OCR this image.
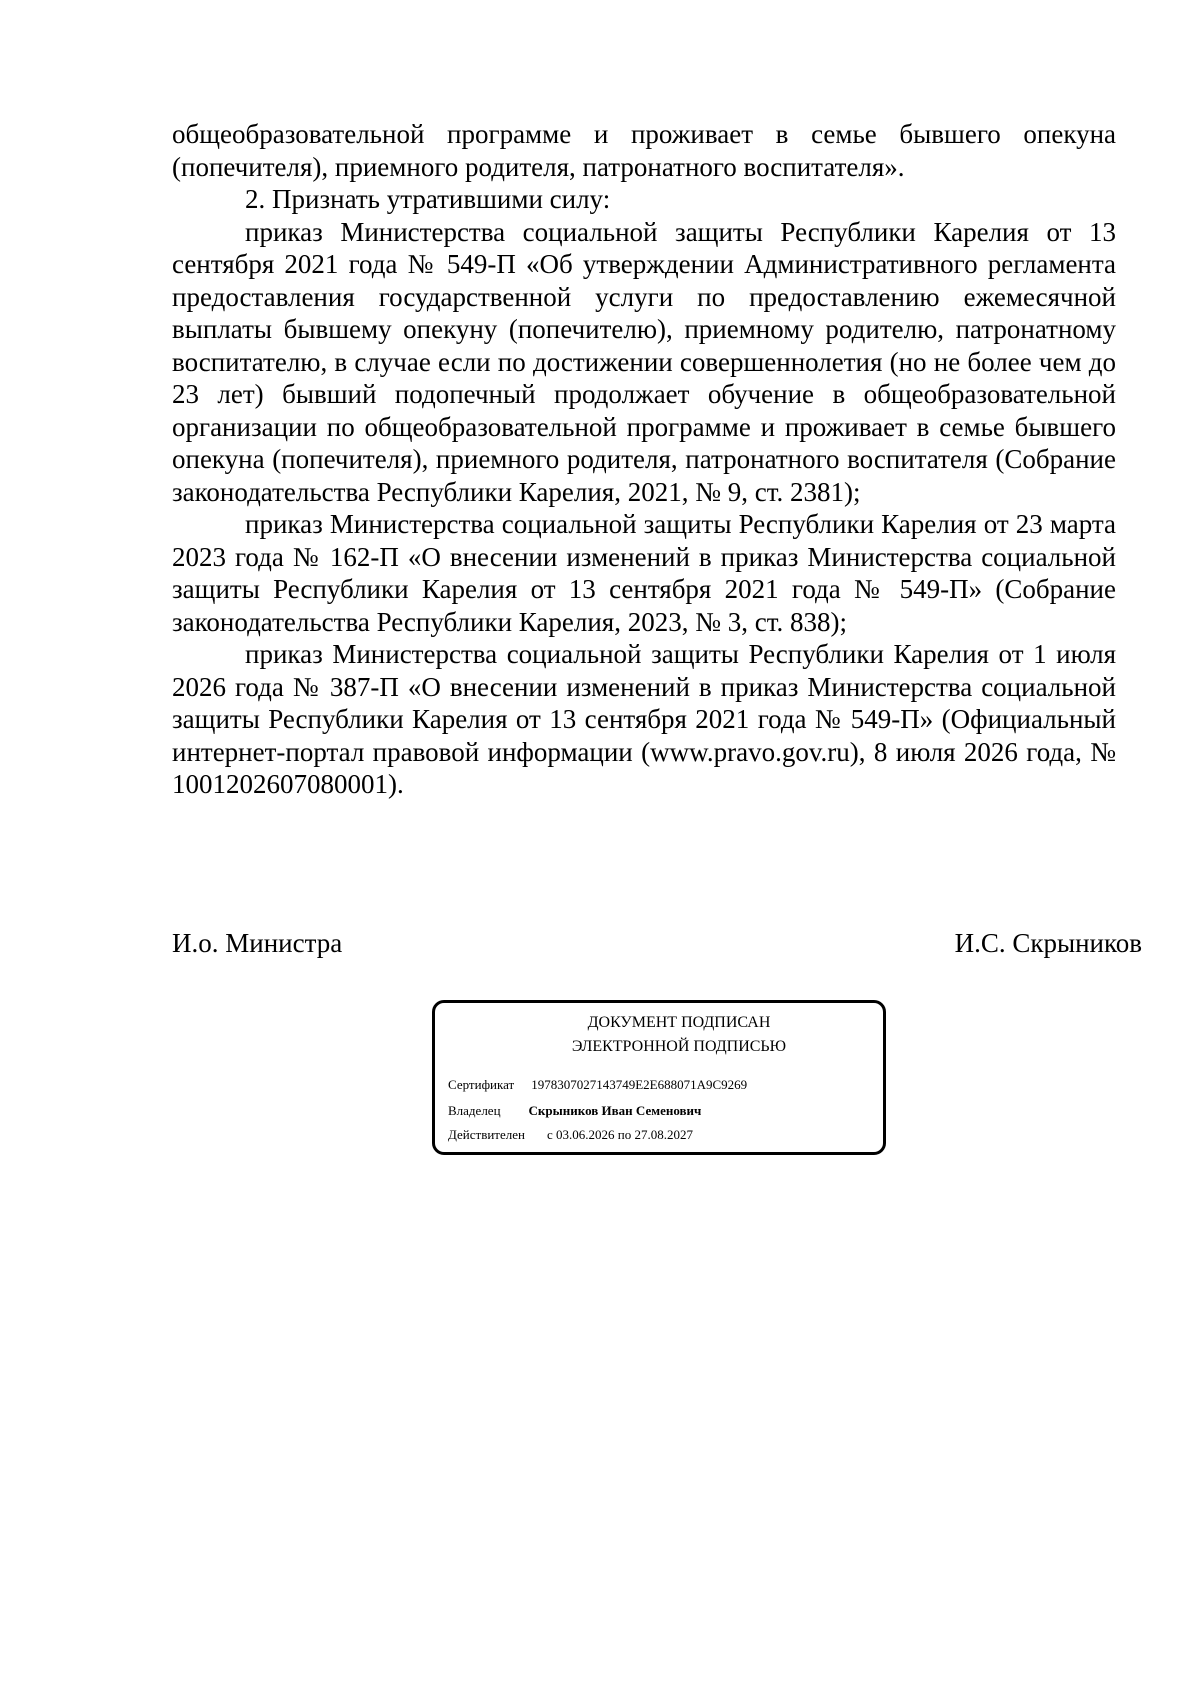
общеобразовательной программе и проживает в семье бывшего опекуна (попечителя), приемного родителя, патронатного воспитателя».

2. Признать утратившими силу:

приказ Министерства социальной защиты Республики Карелия от 13 сентября 2021 года № 549-П «Об утверждении Административного регламента предоставления государственной услуги по предоставлению ежемесячной выплаты бывшему опекуну (попечителю), приемному родителю, патронатному воспитателю, в случае если по достижении совершеннолетия (но не более чем до 23 лет) бывший подопечный продолжает обучение в общеобразовательной организации по общеобразовательной программе и проживает в семье бывшего опекуна (попечителя), приемного родителя, патронатного воспитателя (Собрание законодательства Республики Карелия, 2021, № 9, ст. 2381);

приказ Министерства социальной защиты Республики Карелия от 23 марта 2023 года № 162-П «О внесении изменений в приказ Министерства социальной защиты Республики Карелия от 13 сентября 2021 года № 549-П» (Собрание законодательства Республики Карелия, 2023, № 3, ст. 838);

приказ Министерства социальной защиты Республики Карелия от 1 июля 2026 года № 387-П «О внесении изменений в приказ Министерства социальной защиты Республики Карелия от 13 сентября 2021 года № 549-П» (Официальный интернет-портал правовой информации (www.pravo.gov.ru), 8 июля 2026 года, № 1001202607080001).

И.о. Министра	И.С. Скрыников
ДОКУМЕНТ ПОДПИСАН
ЭЛЕКТРОННОЙ ПОДПИСЬЮ
Сертификат 1978307027143749E2E688071A9C9269
Владелец Скрыников Иван Семенович
Действителен с 03.06.2026 по 27.08.2027
